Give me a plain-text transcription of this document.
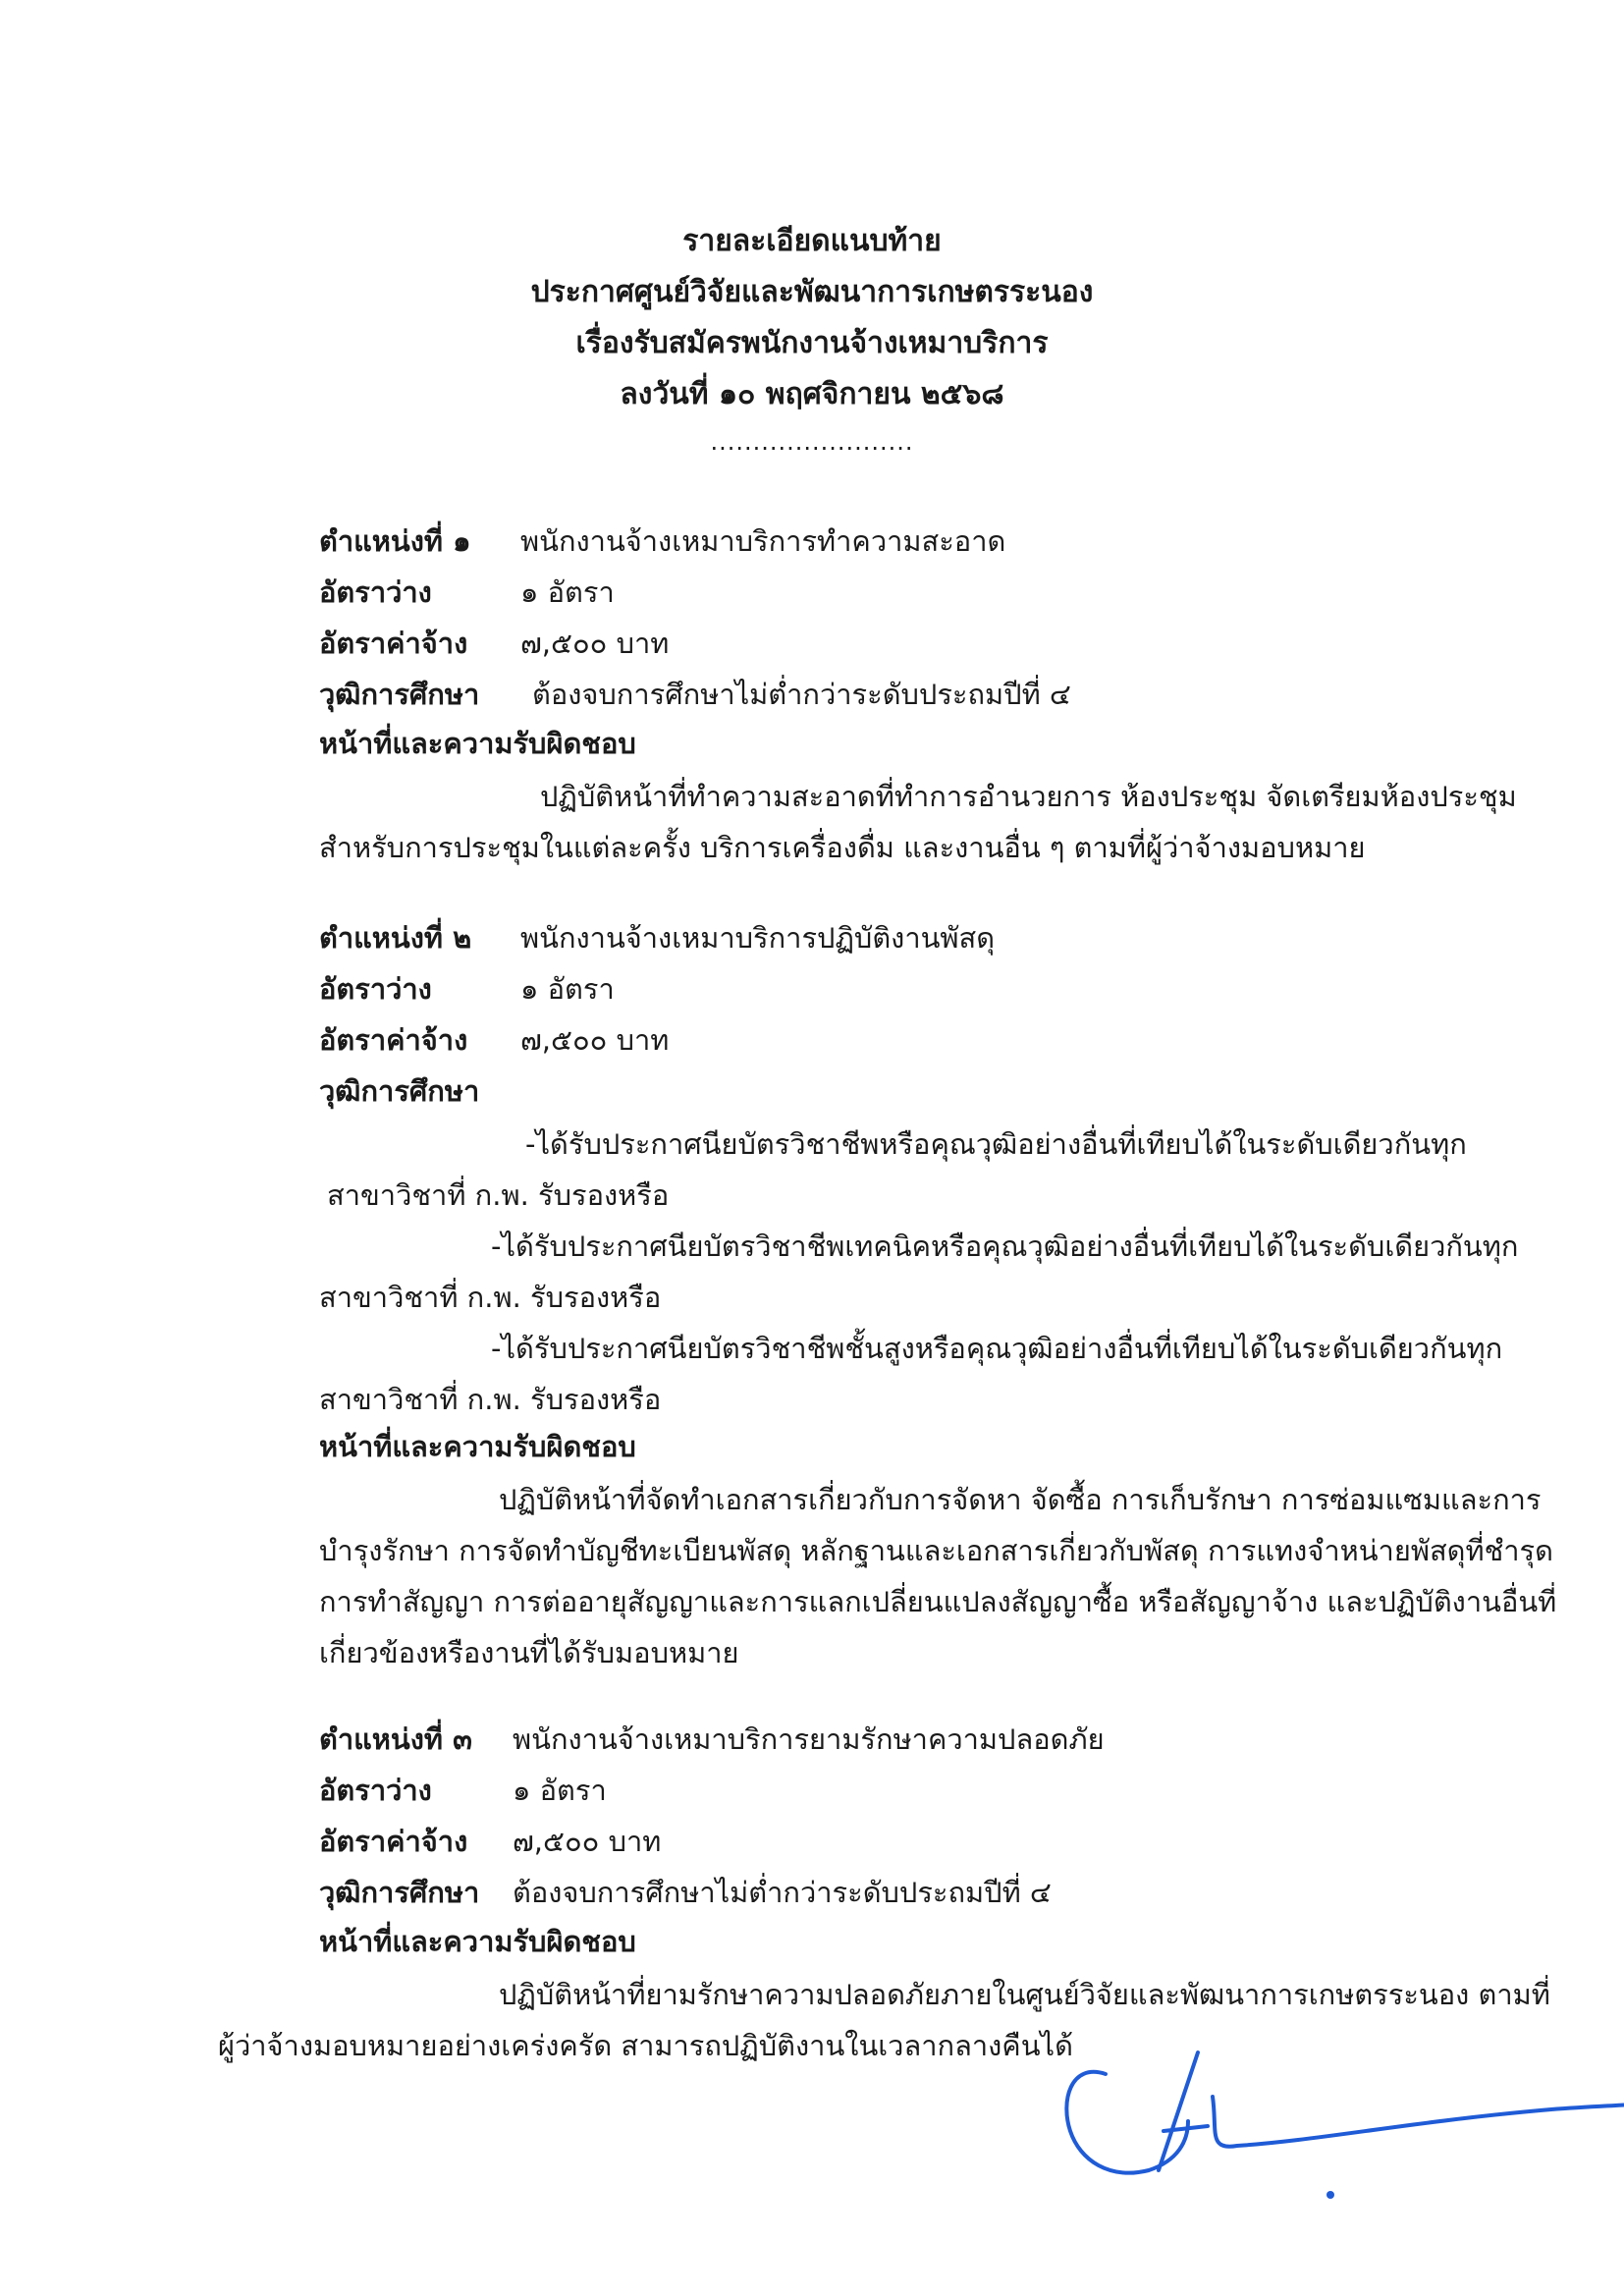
รายละเอียดแนบท้าย
ประกาศศูนย์วิจัยและพัฒนาการเกษตรระนอง
เรื่องรับสมัครพนักงานจ้างเหมาบริการ
ลงวันที่ ๑๐ พฤศจิกายน ๒๕๖๘
........................
ตำแหน่งที่ ๑ พนักงานจ้างเหมาบริการทำความสะอาด
อัตราว่าง	๑ อัตรา
อัตราค่าจ้าง ๗,๕๐๐ บาท
วุฒิการศึกษา ต้องจบการศึกษาไม่ต่ำกว่าระดับประถมปีที่ ๔
หน้าที่และความรับผิดชอบ
ปฏิบัติหน้าที่ทำความสะอาดที่ทำการอำนวยการ ห้องประชุม จัดเตรียมห้องประชุม
สำหรับการประชุมในแต่ละครั้ง บริการเครื่องดื่ม และงานอื่น ๆ ตามที่ผู้ว่าจ้างมอบหมาย
ตำแหน่งที่ ๒ พนักงานจ้างเหมาบริการปฏิบัติงานพัสดุ
อัตราว่าง	๑ อัตรา
อัตราค่าจ้าง ๗,๕๐๐ บาท
วุฒิการศึกษา
-ได้รับประกาศนียบัตรวิชาชีพหรือคุณวุฒิอย่างอื่นที่เทียบได้ในระดับเดียวกันทุก
สาขาวิชาที่ ก.พ. รับรองหรือ
-ได้รับประกาศนียบัตรวิชาชีพเทคนิคหรือคุณวุฒิอย่างอื่นที่เทียบได้ในระดับเดียวกันทุก
สาขาวิชาที่ ก.พ. รับรองหรือ
-ได้รับประกาศนียบัตรวิชาชีพชั้นสูงหรือคุณวุฒิอย่างอื่นที่เทียบได้ในระดับเดียวกันทุก
สาขาวิชาที่ ก.พ. รับรองหรือ
หน้าที่และความรับผิดชอบ
ปฏิบัติหน้าที่จัดทำเอกสารเกี่ยวกับการจัดหา จัดซื้อ การเก็บรักษา การซ่อมแซมและการ
บำรุงรักษา การจัดทำบัญชีทะเบียนพัสดุ หลักฐานและเอกสารเกี่ยวกับพัสดุ การแทงจำหน่ายพัสดุที่ชำรุด
การทำสัญญา การต่ออายุสัญญาและการแลกเปลี่ยนแปลงสัญญาซื้อ หรือสัญญาจ้าง และปฏิบัติงานอื่นที่
เกี่ยวข้องหรืองานที่ได้รับมอบหมาย
ตำแหน่งที่ ๓ พนักงานจ้างเหมาบริการยามรักษาความปลอดภัย
อัตราว่าง	๑ อัตรา
อัตราค่าจ้าง ๗,๕๐๐ บาท
วุฒิการศึกษา ต้องจบการศึกษาไม่ต่ำกว่าระดับประถมปีที่ ๔
หน้าที่และความรับผิดชอบ
ปฏิบัติหน้าที่ยามรักษาความปลอดภัยภายในศูนย์วิจัยและพัฒนาการเกษตรระนอง ตามที่
ผู้ว่าจ้างมอบหมายอย่างเคร่งครัด สามารถปฏิบัติงานในเวลากลางคืนได้
